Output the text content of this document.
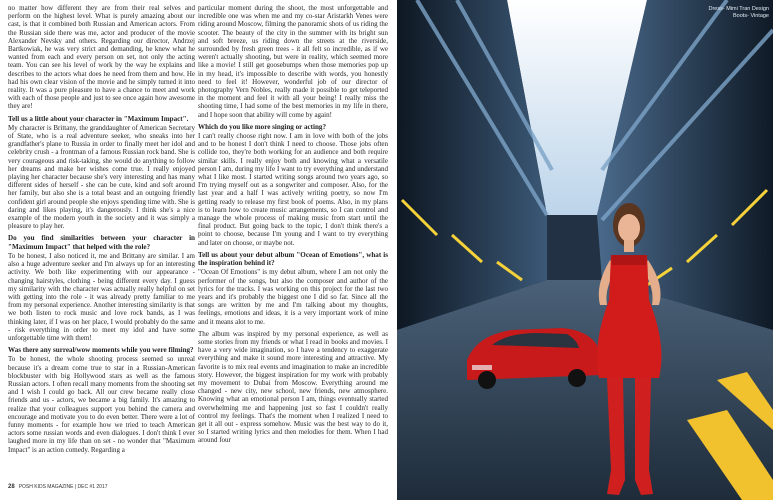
no matter how different they are from their real selves and perform on the highest level. What is purely amazing about our cast, is that it combined both Russian and American actors. From the Russian side there was me, actor and producer of the movie Alexander Nevsky and others. Regarding our director, Andrzej Bartkowiak, he was very strict and demanding, he knew what he wanted from each and every person on set, not only the acting team. You can see his level of work by the way he explains and describes to the actors what does he need from them and how. He had his own clear vision of the movie and he simply turned it into reality. It was a pure pleasure to have a chance to meet and work with each of those people and just to see once again how awesome they are!

Tell us a little about your character in "Maximum Impact".

My character is Brittany, the granddaughter of American Secretary of State, who is a real adventure seeker, who sneaks into her grandfather's plane to Russia in order to finally meet her idol and celebrity crush - a frontman of a famous Russian rock band. She is very courageous and risk-taking, she would do anything to follow her dreams and make her wishes come true. I really enjoyed playing her character because she's very interesting and has many different sides of herself - she can be cute, kind and soft around her family, but also she is a total beast and an outgoing friendly confident girl around people she enjoys spending time with. She is daring and likes playing, it's dangerously. I think she's a nice example of the modern youth in the society and it was simply a pleasure to play her.

Do you find similarities between your character in "Maximum Impact" that helped with the role?

To be honest, I also noticed it, me and Brittany are similar. I am also a huge adventure seeker and I'm always up for an interesting activity. We both like experimenting with our appearance - changing hairstyles, clothing - being different every day. I guess my similarity with the character was actually really helpful on set with getting into the role - it was already pretty familiar to me from my personal experience. Another interesting similarity is that we both listen to rock music and love rock bands, as I was thinking later, if I was on her place, I would probably do the same - risk everything in order to meet my idol and have some unforgettable time with them!

Was there any surreal/wow moments while you were filming?

To be honest, the whole shooting process seemed so unreal because it's a dream come true to star in a Russian-American blockbuster with big Hollywood stars as well as the famous Russian actors. I often recall many moments from the shooting set and I wish I could go back. All our crew became really close friends and us - actors, we became a big family. It's amazing to realize that your colleagues support you behind the camera and encourage and motivate you to do even better. There were a lot of funny moments - for example how we tried to teach American actors some russian words and even dialogues. I don't think I ever laughed more in my life than on set - no wonder that "Maximum Impact" is an action comedy. Regarding a

particular moment during the shoot, the most unforgettable and incredible one was when me and my co-star Aristarkh Venes were riding around Moscow, filming the panoramic shots of us riding the scooter. The beauty of the city in the summer with its bright sun and soft breeze, us riding down the streets at the riverside, surrounded by fresh green trees - it all felt so incredible, as if we weren't actually shooting, but were in reality, which seemed more like a movie! I still get goosebumps when those memories pop up in my head, it's impossible to describe with words, you honestly need to feel it! However, wonderful job of our director of photography Vern Nobles, really made it possible to get teleported in the moment and feel it with all your being! I really miss the shooting time, I had some of the best memories in my life in there, and I hope soon that ability will come by again!

Which do you like more singing or acting?

I can't really choose right now. I am in love with both of the jobs and to be honest I don't think I need to choose. Those jobs often collide too, they're both working for an audience and both require similar skills. I really enjoy both and knowing what a versatile person I am, during my life I want to try everything and understand what I like most. I started writing songs around two years ago, so I'm trying myself out as a songwriter and composer. Also, for the last year and a half I was actively writing poetry, so now I'm getting ready to release my first book of poems. Also, in my plans is to learn how to create music arrangements, so I can control and manage the whole process of making music from start until the final product. But going back to the topic, I don't think there's a point to choose, because I'm young and I want to try everything and later on choose, or maybe not.

Tell us about your debut album "Ocean of Emotions", what is the inspiration behind it?

"Ocean Of Emotions" is my debut album, where I am not only the performer of the songs, but also the composer and author of the lyrics for the tracks. I was working on this project for the last two years and it's probably the biggest one I did so far. Since all the songs are written by me and I'm talking about my thoughts, feelings, emotions and ideas, it is a very important work of mine and it means alot to me.

The album was inspired by my personal experience, as well as some stories from my friends or what I read in books and movies. I have a very wide imagination, so I have a tendency to exaggerate everything and make it sound more interesting and attractive. My favorite is to mix real events and imagination to make an incredible story. However, the biggest inspiration for my work with probably my movement to Dubai from Moscow. Everything around me changed - new city, new school, new friends, new atmosphere. Knowing what an emotional person I am, things eventually started overwhelming me and happening just so fast I couldn't really control my feelings. That's the moment when I realized I need to get it all out - express somehow. Music was the best way to do it, so I started writing lyrics and then melodies for them. When I had around four

28 POSH KIDS MAGAZINE | DEC #1 2017
Dress- Mimi Tran Design
Boots- Vintage
